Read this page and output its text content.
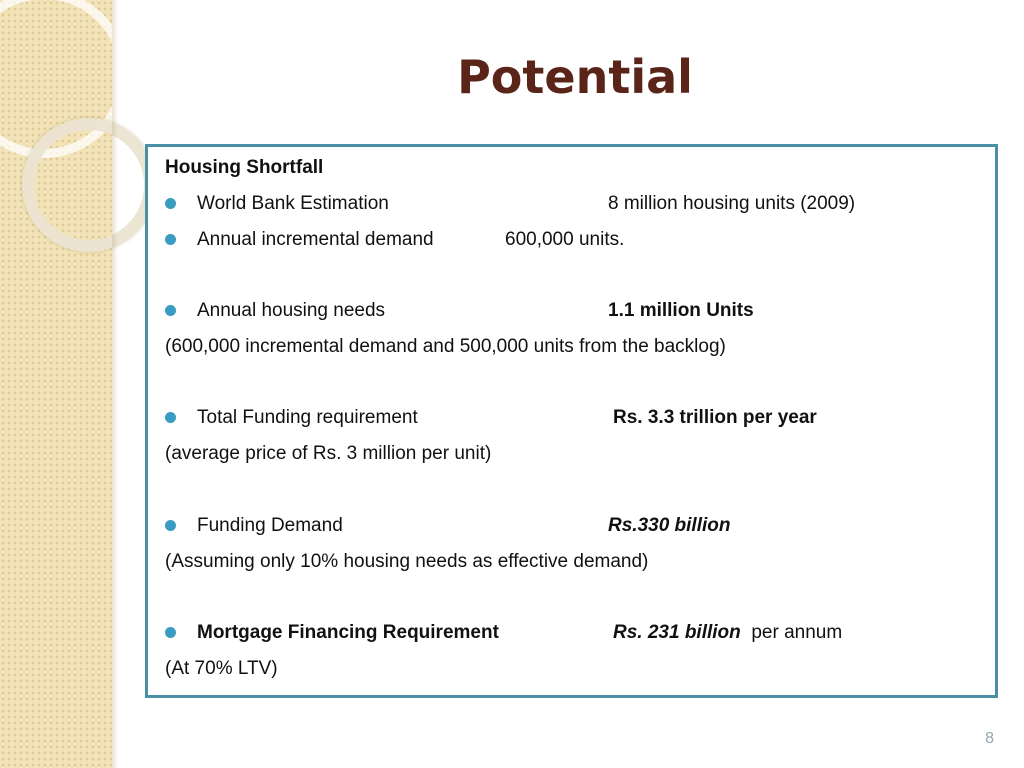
Potential
Housing Shortfall
World Bank Estimation	8 million housing units (2009)
Annual incremental demand	600,000 units.
Annual housing needs	1.1 million Units
(600,000 incremental demand and 500,000 units from the backlog)
Total Funding requirement	Rs. 3.3 trillion per year
(average price of Rs. 3 million per unit)
Funding Demand	Rs.330 billion
(Assuming only 10% housing needs as effective demand)
Mortgage Financing Requirement	Rs. 231 billion per annum
(At 70% LTV)
8
